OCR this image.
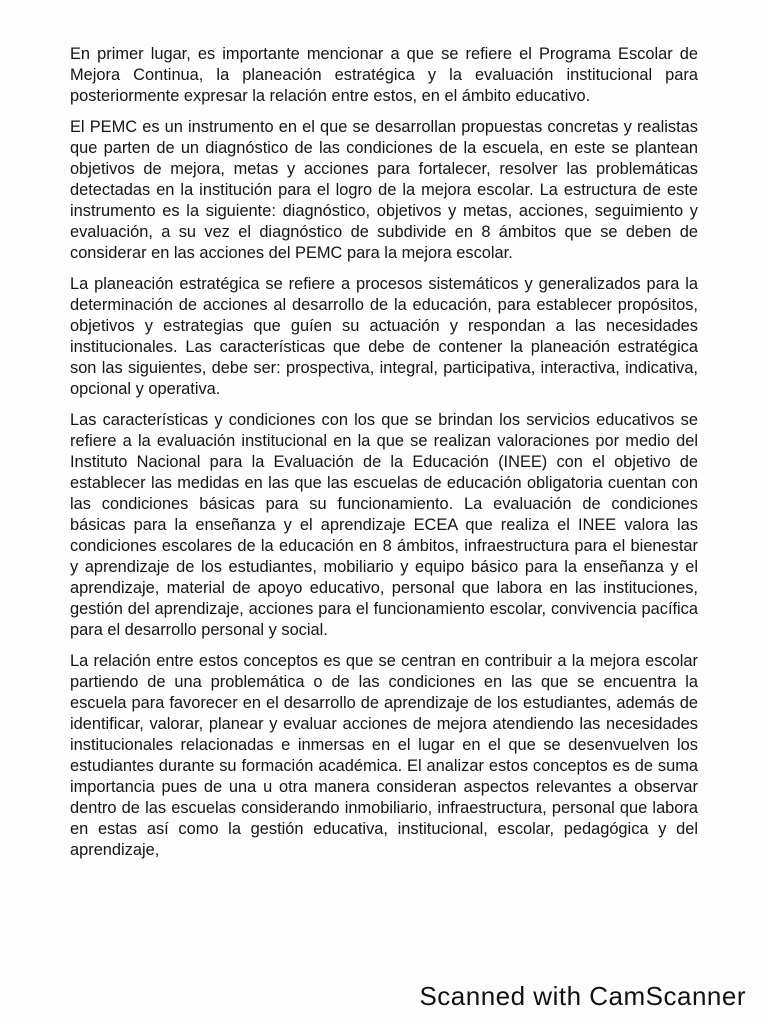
En primer lugar, es importante mencionar a que se refiere el Programa Escolar de Mejora Continua, la planeación estratégica y la evaluación institucional para posteriormente expresar la relación entre estos, en el ámbito educativo.

El PEMC es un instrumento en el que se desarrollan propuestas concretas y realistas que parten de un diagnóstico de las condiciones de la escuela, en este se plantean objetivos de mejora, metas y acciones para fortalecer, resolver las problemáticas detectadas en la institución para el logro de la mejora escolar. La estructura de este instrumento es la siguiente: diagnóstico, objetivos y metas, acciones, seguimiento y evaluación, a su vez el diagnóstico de subdivide en 8 ámbitos que se deben de considerar en las acciones del PEMC para la mejora escolar.

La planeación estratégica se refiere a procesos sistemáticos y generalizados para la determinación de acciones al desarrollo de la educación, para establecer propósitos, objetivos y estrategias que guíen su actuación y respondan a las necesidades institucionales. Las características que debe de contener la planeación estratégica son las siguientes, debe ser: prospectiva, integral, participativa, interactiva, indicativa, opcional y operativa.

Las características y condiciones con los que se brindan los servicios educativos se refiere a la evaluación institucional en la que se realizan valoraciones por medio del Instituto Nacional para la Evaluación de la Educación (INEE) con el objetivo de establecer las medidas en las que las escuelas de educación obligatoria cuentan con las condiciones básicas para su funcionamiento. La evaluación de condiciones básicas para la enseñanza y el aprendizaje ECEA que realiza el INEE valora las condiciones escolares de la educación en 8 ámbitos, infraestructura para el bienestar y aprendizaje de los estudiantes, mobiliario y equipo básico para la enseñanza y el aprendizaje, material de apoyo educativo, personal que labora en las instituciones, gestión del aprendizaje, acciones para el funcionamiento escolar, convivencia pacífica para el desarrollo personal y social.

La relación entre estos conceptos es que se centran en contribuir a la mejora escolar partiendo de una problemática o de las condiciones en las que se encuentra la escuela para favorecer en el desarrollo de aprendizaje de los estudiantes, además de identificar, valorar, planear y evaluar acciones de mejora atendiendo las necesidades institucionales relacionadas e inmersas en el lugar en el que se desenvuelven los estudiantes durante su formación académica. El analizar estos conceptos es de suma importancia pues de una u otra manera consideran aspectos relevantes a observar dentro de las escuelas considerando inmobiliario, infraestructura, personal que labora en estas así como la gestión educativa, institucional, escolar, pedagógica y del aprendizaje,

Scanned with CamScanner
